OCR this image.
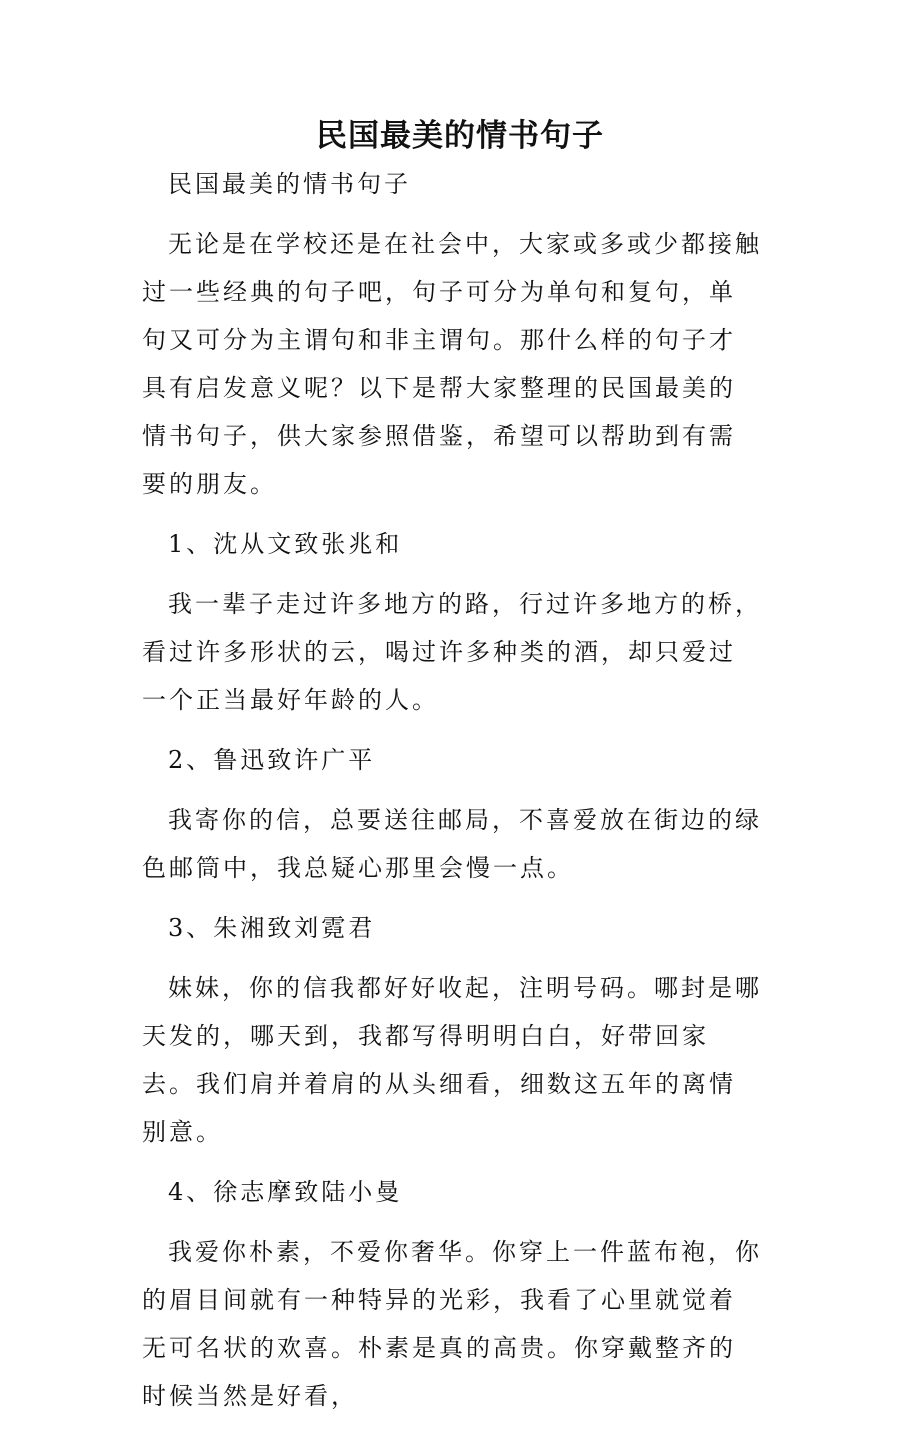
民国最美的情书句子

民国最美的情书句子

无论是在学校还是在社会中，大家或多或少都接触过一些经典的句子吧，句子可分为单句和复句，单句又可分为主谓句和非主谓句。那什么样的句子才具有启发意义呢？以下是帮大家整理的民国最美的情书句子，供大家参照借鉴，希望可以帮助到有需要的朋友。

1、沈从文致张兆和

我一辈子走过许多地方的路，行过许多地方的桥，看过许多形状的云，喝过许多种类的酒，却只爱过一个正当最好年龄的人。

2、鲁迅致许广平

我寄你的信，总要送往邮局，不喜爱放在街边的绿色邮筒中，我总疑心那里会慢一点。

3、朱湘致刘霓君

妹妹，你的信我都好好收起，注明号码。哪封是哪天发的，哪天到，我都写得明明白白，好带回家去。我们肩并着肩的从头细看，细数这五年的离情别意。

4、徐志摩致陆小曼

我爱你朴素，不爱你奢华。你穿上一件蓝布袍，你的眉目间就有一种特异的光彩，我看了心里就觉着无可名状的欢喜。朴素是真的高贵。你穿戴整齐的时候当然是好看，
